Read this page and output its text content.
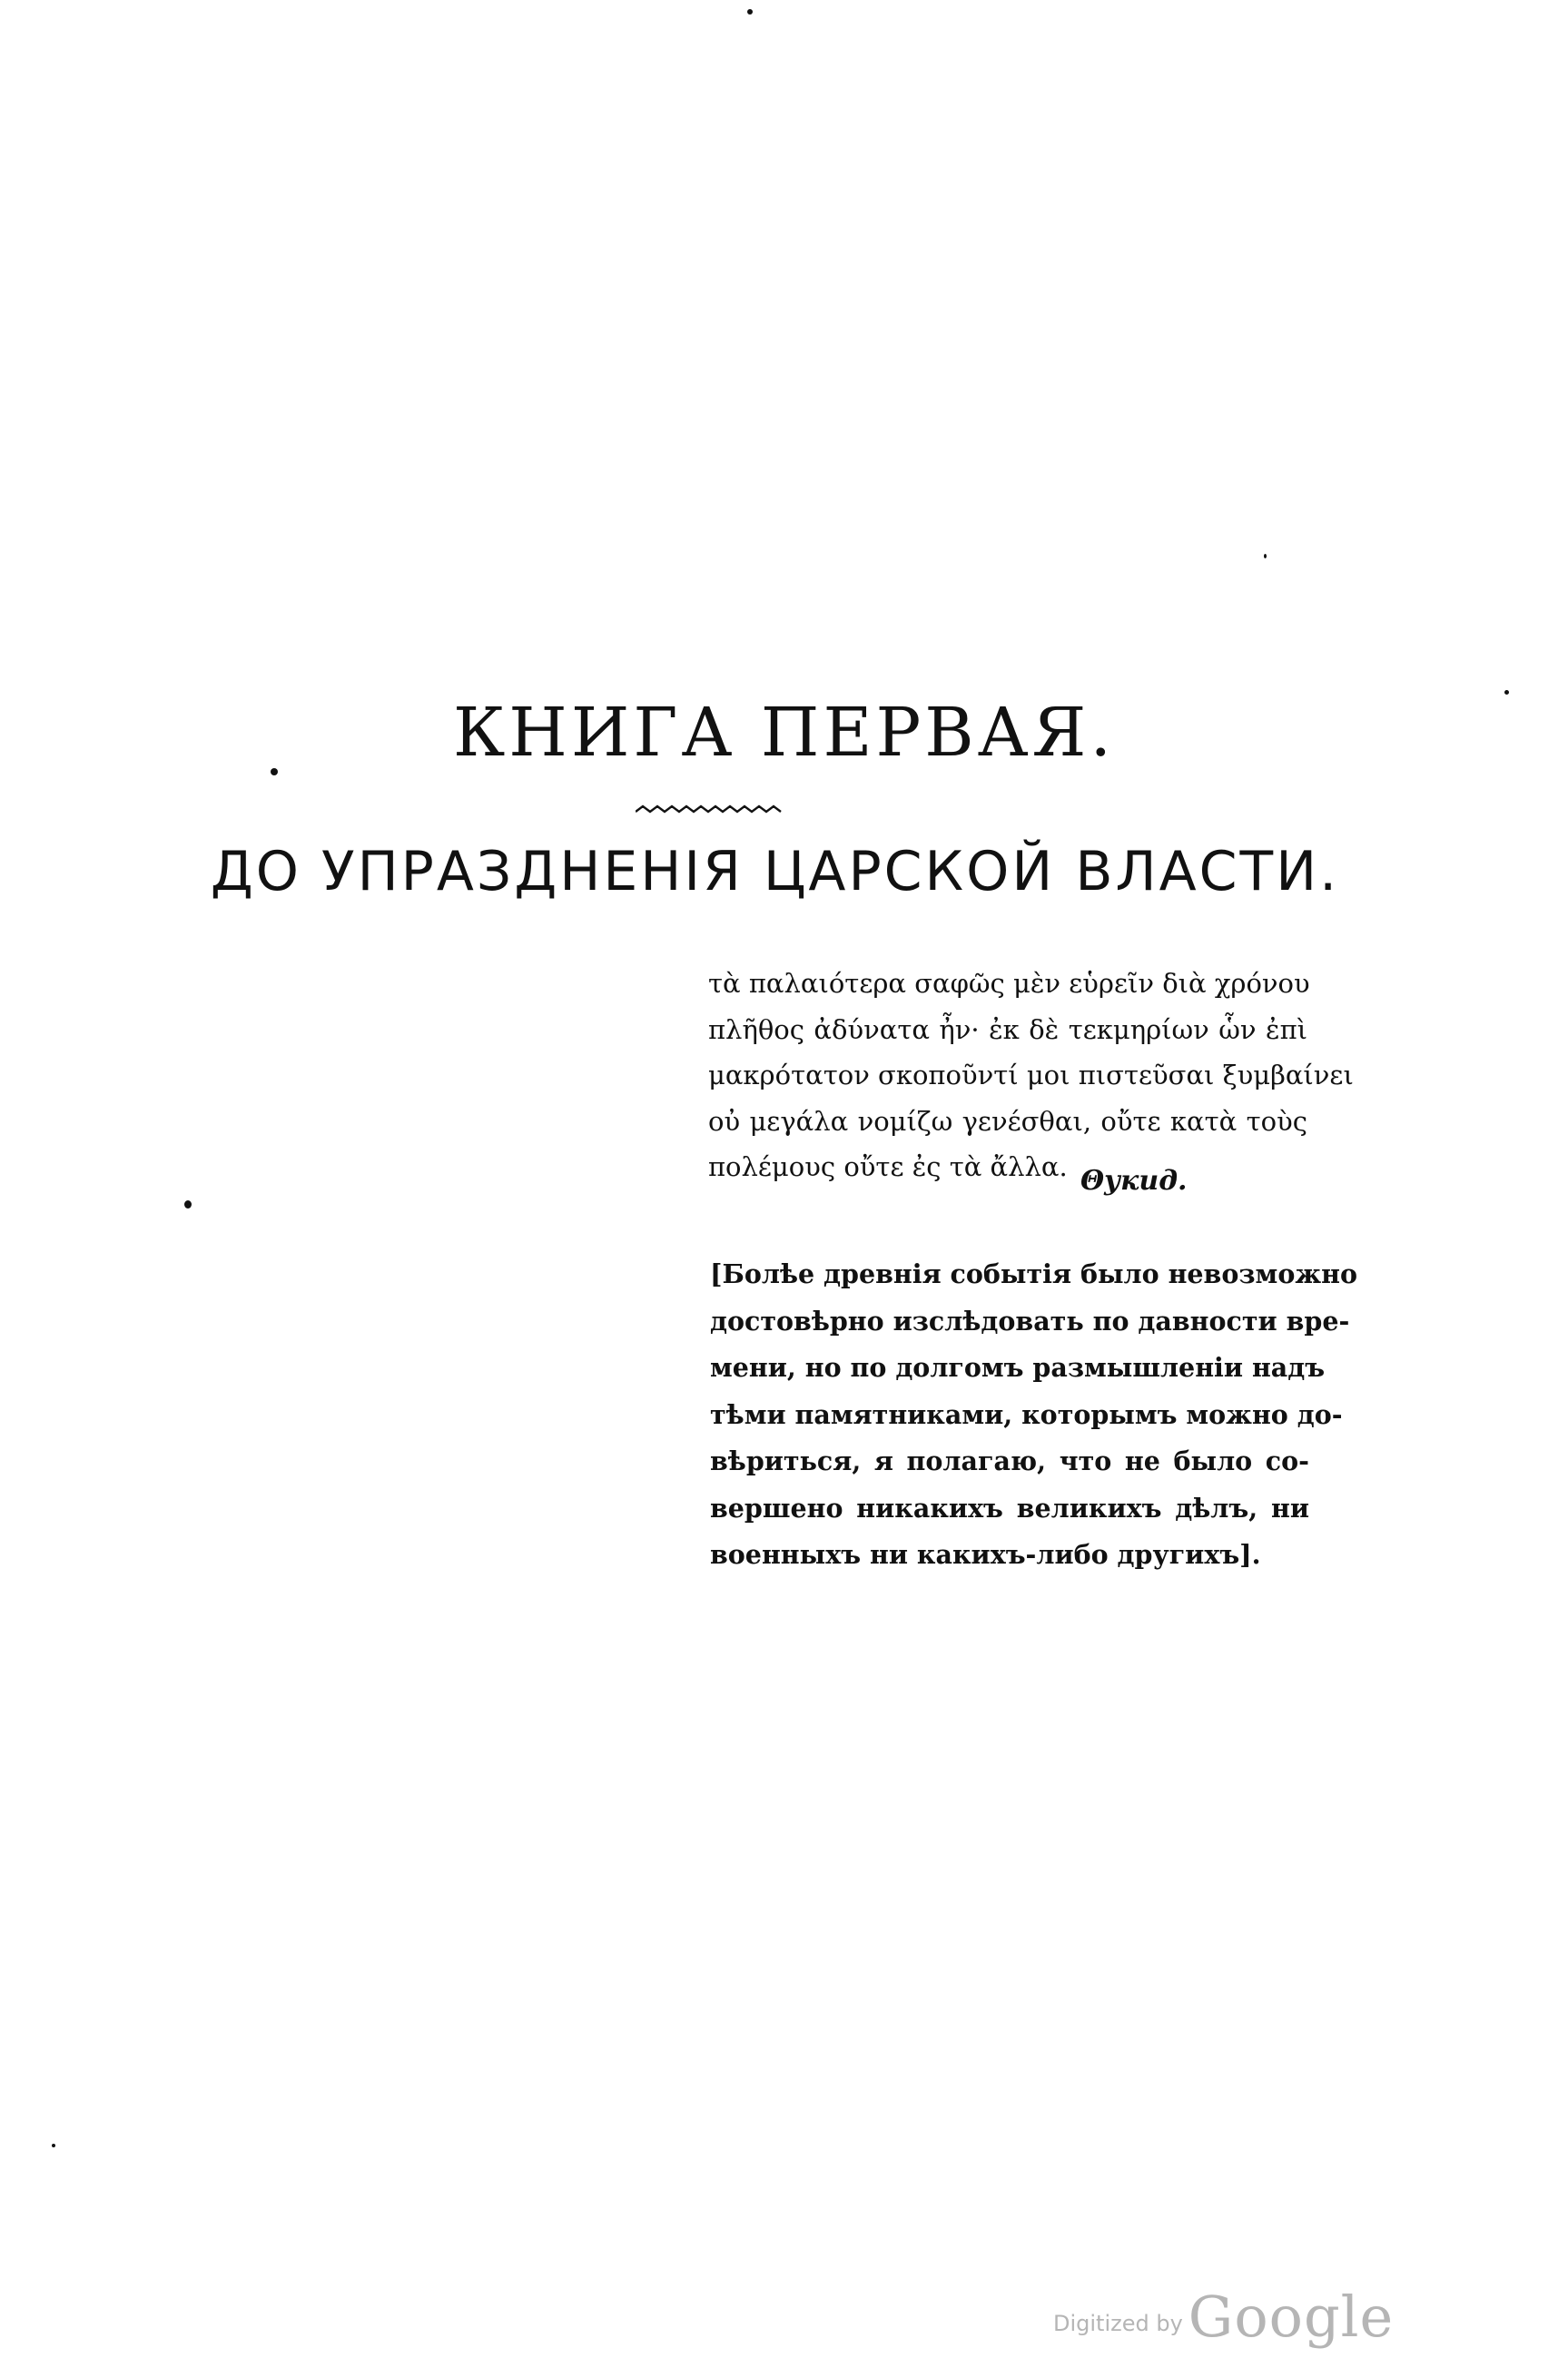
КНИГА ПЕРВАЯ.
ДО УПРАЗДНЕНІЯ ЦАРСКОЙ ВЛАСТИ.
τὰ παλαιότερα σαφῶς μὲν εὑρεῖν διὰ χρόνου
πλῆθος ἀδύνατα ἦν· ἐκ δὲ τεκμηρίων ὧν ἐπὶ
μακρότατον σκοποῦντί μοι πιστεῦσαι ξυμβαίνει
οὐ μεγάλα νομίζω γενέσθαι, οὔτε κατὰ τοὺς
πολέμους οὔτε ἐς τὰ ἄλλα. Θукид.
[Болѣе древнія событія было невозможно
достовѣрно изслѣдовать по давности вре-
мени, но по долгомъ размышленіи надъ
тѣми памятниками, которымъ можно до-
вѣриться, я полагаю, что не было со-
вершено никакихъ великихъ дѣлъ, ни
военныхъ ни какихъ-либо другихъ].
Digitized byGoogle
